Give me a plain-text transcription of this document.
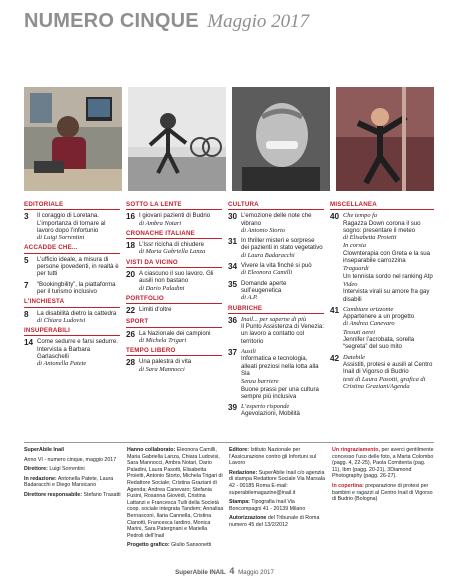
NUMERO CINQUE Maggio 2017
EDITORIALE
3	Il coraggio di Loretana. L’importanza di tornare al lavoro dopo l’infortunio
di Luigi Sorrentini
ACCADDE CHE...
5	L’ufficio ideale, a misura di persone ipovedenti, in realtà è per tutti
7	“Bookingbility”, la piattaforma per il turismo inclusivo
L’INCHIESTA
8	La disabilità dietro la cattedra
di Chiara Ludovisi
INSUPERABILI
14 Come sedurre e farsi sedurre. Intervista a Barbara Garlaschelli
di Antonella Patete
SOTTO LA LENTE
16 I giovani pazienti di Budrio
di Ambra Notari
CRONACHE ITALIANE
18 L’Issr ricicha di chiudere
di Maria Gabriella Lanza
VISTI DA VICINO
20 A ciascuno il suo lavoro. Gli ausili non bastano
di Dario Paladini
PORTFOLIO
22 Limiti d’oltre
SPORT
26 La Nazionale dei campioni
di Michela Trigari
TEMPO LIBERO
28 Una palestra di vita
di Sara Mannocci
CULTURA
30 L’emozione delle note che vibrano
di Antonio Storto
31 In thriller misteri e sorprese dei pazienti in stato vegetativo
di Laura Badaracchi
34 Vivere la vita finché si può
di Eleonora Camilli
35 Domande aperte sull’eugenetica
di A.P.
RUBRICHE
36 Inail... per saperne di più
Il Punto Assistenza di Venezia: un lavoro a contatto col territorio
37 Ausili
Informatica e tecnologia, alleati preziosi nella lotta alla Sla
Senza barriere
Buone prassi per una cultura sempre più inclusiva
39 L’esperto risponde
Agevolazioni, Mobilità
MISCELLANEA
40 Che tempo fa
Ragazza Down corona il suo sogno: presentare il meteo
di Elisabetta Proietti
In corsia
Clownterapia con Greta e la sua inseparabile carrozzina
Traguardi
Un tennista sordo nel ranking Atp
Video
Intervista virali su amore fra gay disabili
41 Cambiare orizzonte
Appartenere a un progetto
di Andrea Canevaro
Tessuti aerei
Jennifer l’acrobata, sorella “segreta” del suo mito
42 Datebile
Assistiti, protesi e ausili al Centro Inail di Vigorso di Budrio
testi di Laura Pasotti, grafica di Cristina Graziani/Agenda
SuperAbile Inail
Anno VI - numero cinque, maggio 2017
Direttore: Luigi Sorrentini
In redazione: Antonella Patete, Laura Badaracchi e Diego Marsicano
Direttore responsabile: Stefano Trasatti
Hanno collaborato: Eleonora Camilli, Maria Gabriella Lanza, Chiara Ludovisi, Sara Mannocci, Ambra Notari, Dario Paladini, Laura Pasotti, Elisabetta Proietti, Antonio Storto, Michela Trigari di Redattore Sociale; Cristina Graziani di Agenda; Andrea Canevaro; Stefania Fusini, Rosanna Giovèdi, Cristina Lattanzi e Francesca Tulli della Società coop. sociale integrata Tandem; Annalisa Bernasconi, Ilaria Cannella, Cristina Cianotti, Francesca Iardino, Monica Marini, Sara Patergnani e Mariella Pedroli dell’Inail
Progetto grafico: Giulio Sansonetti
Editore: Istituto Nazionale per l’Assicurazione contro gli Infortuni sul Lavoro
Redazione: SuperAbile Inail c/o agenzia di stampa Redattore Sociale Via Marsala 42 - 00185 Roma E-mail: superabilemagazine@inail.it
Stampa: Tipografia Inail Via Boncompagni 41 - 20139 Milano
Autorizzazione del Tribunale di Roma numero 45 del 13/2/2012
Un ringraziamento, per averci gentilmente concesso l’uso delle foto, a Marta Colombo (pagg. 4, 22-25), Paola Comitenta (pag. 11), Ibm (pagg. 20-21), 3Diamond Photography (pagg. 26-27).
In copertina: preparazione di protesi per bambini e ragazzi al Centro Inail di Vigorso di Budrio (Bologna)
SuperAbile INAIL 4 Maggio 2017
